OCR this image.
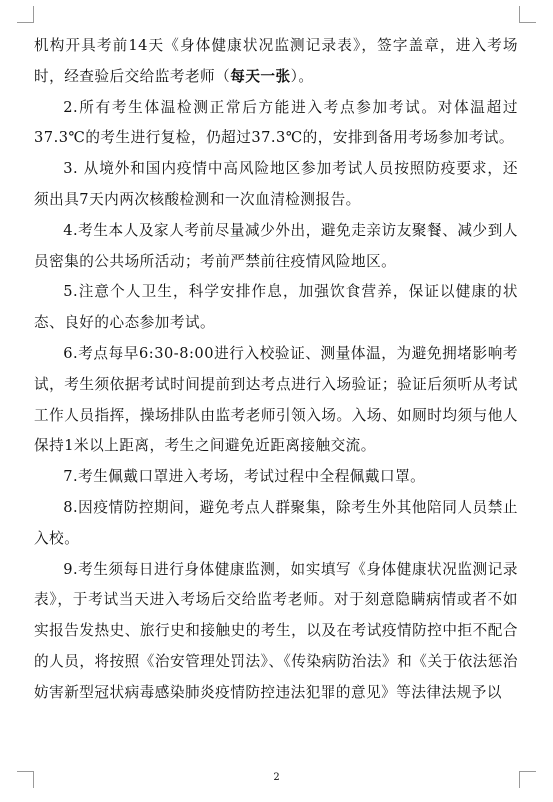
机构开具考前14天《身体健康状况监测记录表》，签字盖章，进入考场时，经查验后交给监考老师（每天一张）。

2.所有考生体温检测正常后方能进入考点参加考试。对体温超过37.3℃的考生进行复检，仍超过37.3℃的，安排到备用考场参加考试。

3. 从境外和国内疫情中高风险地区参加考试人员按照防疫要求，还须出具7天内两次核酸检测和一次血清检测报告。

4.考生本人及家人考前尽量减少外出，避免走亲访友聚餐、减少到人员密集的公共场所活动；考前严禁前往疫情风险地区。

5.注意个人卫生，科学安排作息，加强饮食营养，保证以健康的状态、良好的心态参加考试。

6.考点每早6:30-8:00进行入校验证、测量体温，为避免拥堵影响考试，考生须依据考试时间提前到达考点进行入场验证；验证后须听从考试工作人员指挥，操场排队由监考老师引领入场。入场、如厕时均须与他人保持1米以上距离，考生之间避免近距离接触交流。

7.考生佩戴口罩进入考场，考试过程中全程佩戴口罩。

8.因疫情防控期间，避免考点人群聚集，除考生外其他陪同人员禁止入校。

9.考生须每日进行身体健康监测，如实填写《身体健康状况监测记录表》，于考试当天进入考场后交给监考老师。对于刻意隐瞒病情或者不如实报告发热史、旅行史和接触史的考生，以及在考试疫情防控中拒不配合的人员，将按照《治安管理处罚法》、《传染病防治法》和《关于依法惩治妨害新型冠状病毒感染肺炎疫情防控违法犯罪的意见》等法律法规予以

2
